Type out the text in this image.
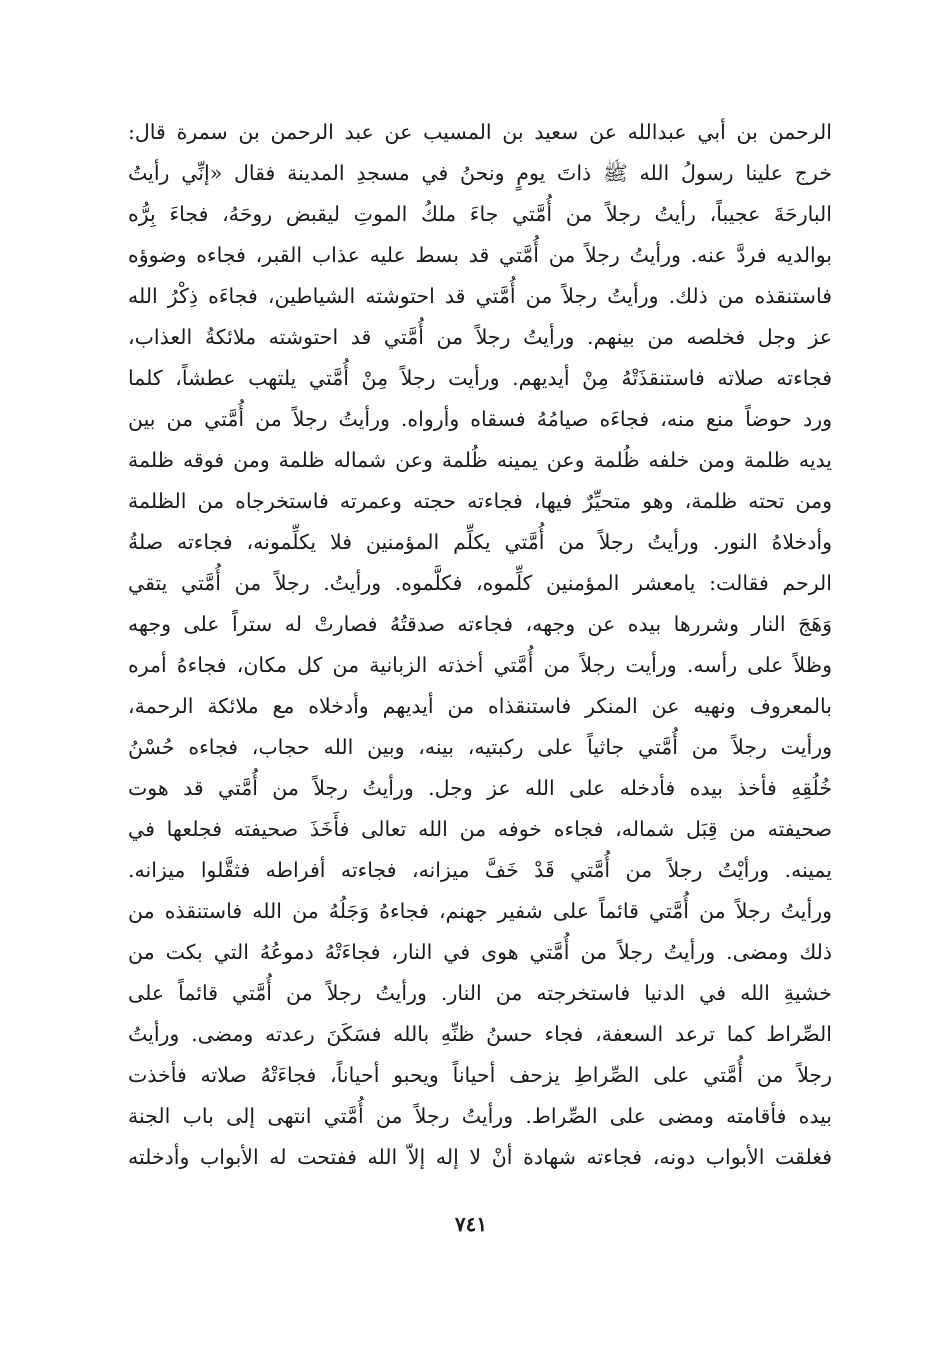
الرحمن بن أبي عبدالله عن سعيد بن المسيب عن عبد الرحمن بن سمرة قال:
خرج علينا رسولُ الله ﷺ ذاتَ يومٍ ونحنُ في مسجدِ المدينة فقال «إنِّي رأيتُ
البارحَةَ عجيباً، رأيتُ رجلاً من أُمَّتي جاءَ ملكُ الموتِ ليقبض روحَهُ، فجاءَ بِرُّه
بوالديه فردَّ عنه. ورأيتُ رجلاً من أُمَّتي قد بسط عليه عذاب القبر، فجاءه وضوؤه
فاستنقذه من ذلك. ورأيتُ رجلاً من أُمَّتي قد احتوشته الشياطين، فجاءَه ذِكْرُ الله
عز وجل فخلصه من بينهم. ورأيتُ رجلاً من أُمَّتي قد احتوشته ملائكةُ العذاب،
فجاءته صلاته فاستنقذَتْهُ مِنْ أيديهم. ورأيت رجلاً مِنْ أُمَّتي يلتهب عطشاً، كلما
ورد حوضاً منع منه، فجاءَه صيامُهُ فسقاه وأرواه. ورأيتُ رجلاً من أُمَّتي من بين
يديه ظلمة ومن خلفه ظُلمة وعن يمينه ظُلمة وعن شماله ظلمة ومن فوقه ظلمة
ومن تحته ظلمة، وهو متحيِّرٌ فيها، فجاءته حجته وعمرته فاستخرجاه من الظلمة
وأدخلاهُ النور. ورأيتُ رجلاً من أُمَّتي يكلِّم المؤمنين فلا يكلِّمونه، فجاءته صلةُ
الرحم فقالت: يامعشر المؤمنين كلِّموه، فكلَّموه. ورأيتُ. رجلاً من أُمَّتي يتقي
وَهَجَ النار وشررها بيده عن وجهه، فجاءته صدقتُهُ فصارتْ له ستراً على وجهه
وظلاً على رأسه. ورأيت رجلاً من أُمَّتي أخذته الزبانية من كل مكان، فجاءهُ أمره
بالمعروف ونهيه عن المنكر فاستنقذاه من أيديهم وأدخلاه مع ملائكة الرحمة،
ورأيت رجلاً من أُمَّتي جاثياً على ركبتيه، بينه، وبين الله حجاب، فجاءه حُسْنُ
خُلُقِهِ فأخذ بيده فأدخله على الله عز وجل. ورأيتُ رجلاً من أُمَّتي قد هوت
صحيفته من قِبَل شماله، فجاءه خوفه من الله تعالى فأَخَذَ صحيفته فجلعها في
يمينه. ورأيْتُ رجلاً من أُمَّتي قَدْ خَفَّ ميزانه، فجاءته أفراطه فثقَّلوا ميزانه.
ورأيتُ رجلاً من أُمَّتي قائماً على شفير جهنم، فجاءهُ وَجَلُهُ من الله فاستنقذه من
ذلك ومضى. ورأيتُ رجلاً من أُمَّتي هوى في النار، فجاءَتْهُ دموعُهُ التي بكت من
خشيةِ الله في الدنيا فاستخرجته من النار. ورأيتُ رجلاً من أُمَّتي قائماً على
الصِّراط كما ترعد السعفة، فجاء حسنُ ظنِّهِ بالله فسَكَنَ رعدته ومضى. ورأيتُ
رجلاً من أُمَّتي على الصِّراطِ يزحف أحياناً ويحبو أحياناً، فجاءَتْهُ صلاته فأخذت
بيده فأقامته ومضى على الصِّراط. ورأيتُ رجلاً من أُمَّتي انتهى إلى باب الجنة
فغلقت الأبواب دونه، فجاءته شهادة أنْ لا إله إلاّ الله ففتحت له الأبواب وأدخلته
٧٤١
